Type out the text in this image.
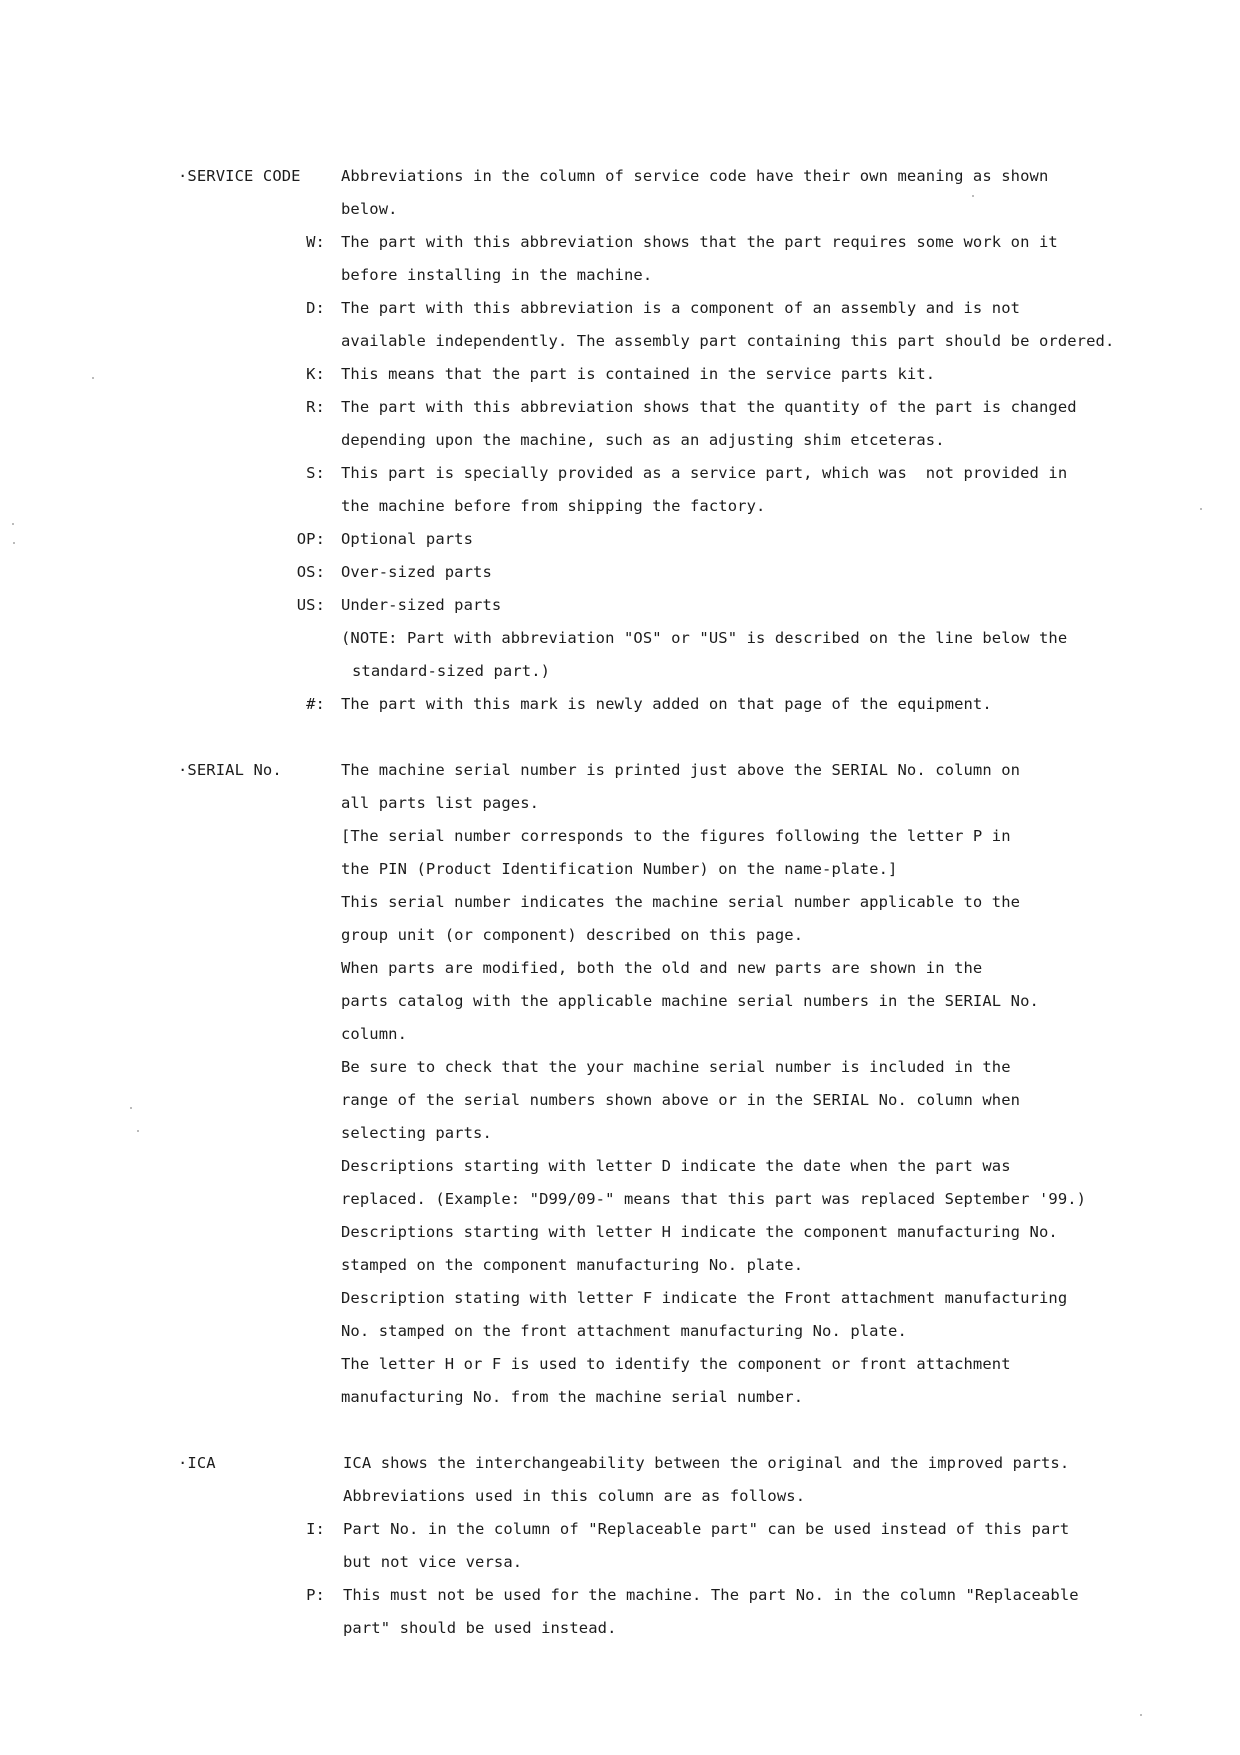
·SERVICE CODE	Abbreviations in the column of service code have their own meaning as shown
below.
W: The part with this abbreviation shows that the part requires some work on it
before installing in the machine.
D: The part with this abbreviation is a component of an assembly and is not
available independently. The assembly part containing this part should be ordered.
K: This means that the part is contained in the service parts kit.
R: The part with this abbreviation shows that the quantity of the part is changed
depending upon the machine, such as an adjusting shim etceteras.
S: This part is specially provided as a service part, which was  not provided in
the machine before from shipping the factory.
OP: Optional parts
OS: Over-sized parts
US: Under-sized parts
(NOTE: Part with abbreviation "OS" or "US" is described on the line below the
standard-sized part.)
#: The part with this mark is newly added on that page of the equipment.
·SERIAL No.	The machine serial number is printed just above the SERIAL No. column on
all parts list pages.
[The serial number corresponds to the figures following the letter P in
the PIN (Product Identification Number) on the name-plate.]
This serial number indicates the machine serial number applicable to the
group unit (or component) described on this page.
When parts are modified, both the old and new parts are shown in the
parts catalog with the applicable machine serial numbers in the SERIAL No.
column.
Be sure to check that the your machine serial number is included in the
range of the serial numbers shown above or in the SERIAL No. column when
selecting parts.
Descriptions starting with letter D indicate the date when the part was
replaced. (Example: "D99/09-" means that this part was replaced September '99.)
Descriptions starting with letter H indicate the component manufacturing No.
stamped on the component manufacturing No. plate.
Description stating with letter F indicate the Front attachment manufacturing
No. stamped on the front attachment manufacturing No. plate.
The letter H or F is used to identify the component or front attachment
manufacturing No. from the machine serial number.
·ICA	ICA shows the interchangeability between the original and the improved parts.
Abbreviations used in this column are as follows.
I: Part No. in the column of "Replaceable part" can be used instead of this part
but not vice versa.
P: This must not be used for the machine. The part No. in the column "Replaceable
part" should be used instead.
